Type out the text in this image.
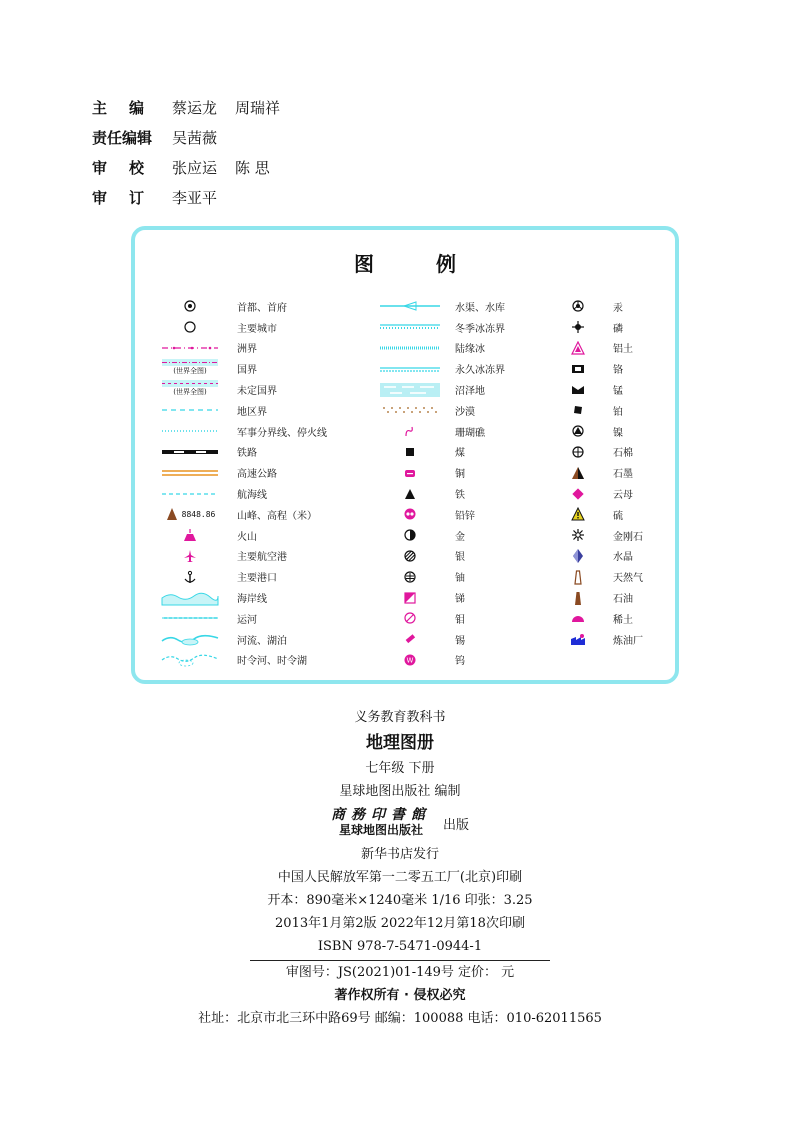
主编 蔡运龙 周瑞祥
责任编辑	吴茜薇
审校 张应运 陈 思
审订 李亚平
图例
首都、首府
主要城市
洲界
(世界全图)	国界
(世界全图)	未定国界
地区界
军事分界线、停火线
铁路
高速公路
航海线
8848.86 山峰、高程（米）
火山
主要航空港
主要港口
海岸线
运河
河流、湖泊
时令河、时令湖
水渠、水库
冬季冰冻界
陆缘冰
永久冰冻界
沼泽地
沙漠
珊瑚礁
煤
铜
铁
铅锌
金
银
铀
锑
钼
锡
W	钨
汞
磷
铝土
铬
锰
铂
镍
石棉
石墨
云母
硫
金刚石
水晶
天然气
石油
稀土
炼油厂
义务教育教科书
地理图册
七年级 下册
星球地图出版社 编制
商務印書館
星球地图出版社 出版
新华书店发行
中国人民解放军第一二零五工厂(北京)印刷
开本：890毫米×1240毫米 1/16 印张：3.25
2013年1月第2版 2022年12月第18次印刷
ISBN 978-7-5471-0944-1
审图号：JS(2021)01-149号 定价： 元
著作权所有 · 侵权必究
社址：北京市北三环中路69号 邮编：100088 电话：010-62011565
